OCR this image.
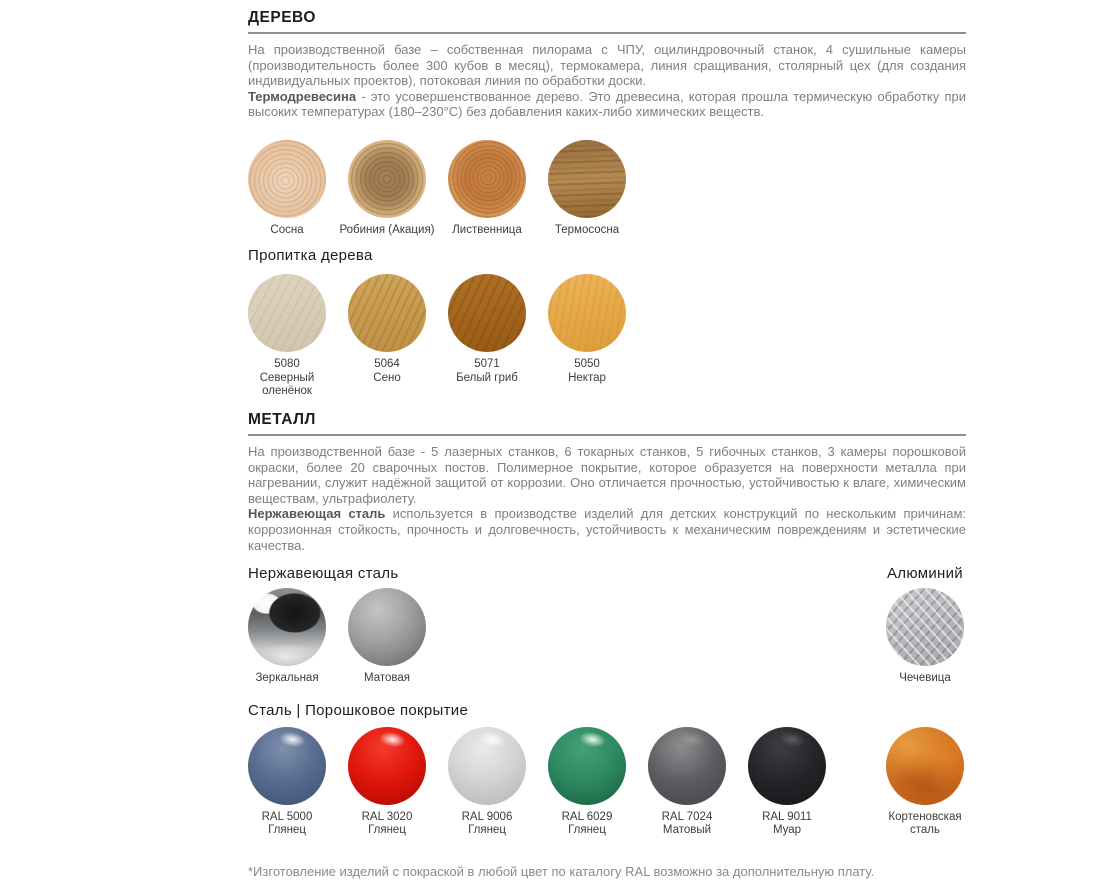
ДЕРЕВО

На производственной базе – собственная пилорама с ЧПУ, оцилиндровочный станок, 4 сушильные камеры (производительность более 300 кубов в месяц), термокамера, линия сращивания, столярный цех (для создания индивидуальных проектов), потоковая линия по обработки доски.
Термодревесина - это усовершенствованное дерево. Это древесина, которая прошла термическую обработку при высоких температурах (180–230°С) без добавления каких-либо химических веществ.

Сосна	Робиния (Акация)	Лиственница	Термососна
Пропитка дерева
5080
Северный оленёнок
5064
Сено
5071
Белый гриб
5050
Нектар
МЕТАЛЛ

На производственной базе - 5 лазерных станков, 6 токарных станков, 5 гибочных станков, 3 камеры порошковой окраски, более 20 сварочных постов. Полимерное покрытие, которое образуется на поверхности металла при нагревании, служит надёжной защитой от коррозии. Оно отличается прочностью, устойчивостью к влаге, химическим веществам, ультрафиолету.
Нержавеющая сталь используется в производстве изделий для детских конструкций по нескольким причинам: коррозионная стойкость, прочность и долговечность, устойчивость к механическим повреждениям и эстетические качества.

Нержавеющая сталь
Зеркальная	Матовая
Алюминий
Чечевица
Сталь | Порошковое покрытие
RAL 5000
Глянец
RAL 3020
Глянец
RAL 9006
Глянец
RAL 6029
Глянец
RAL 7024
Матовый
RAL 9011
Муар
Кортеновская сталь

*Изготовление изделий с покраской в любой цвет по каталогу RAL возможно за дополнительную плату.
